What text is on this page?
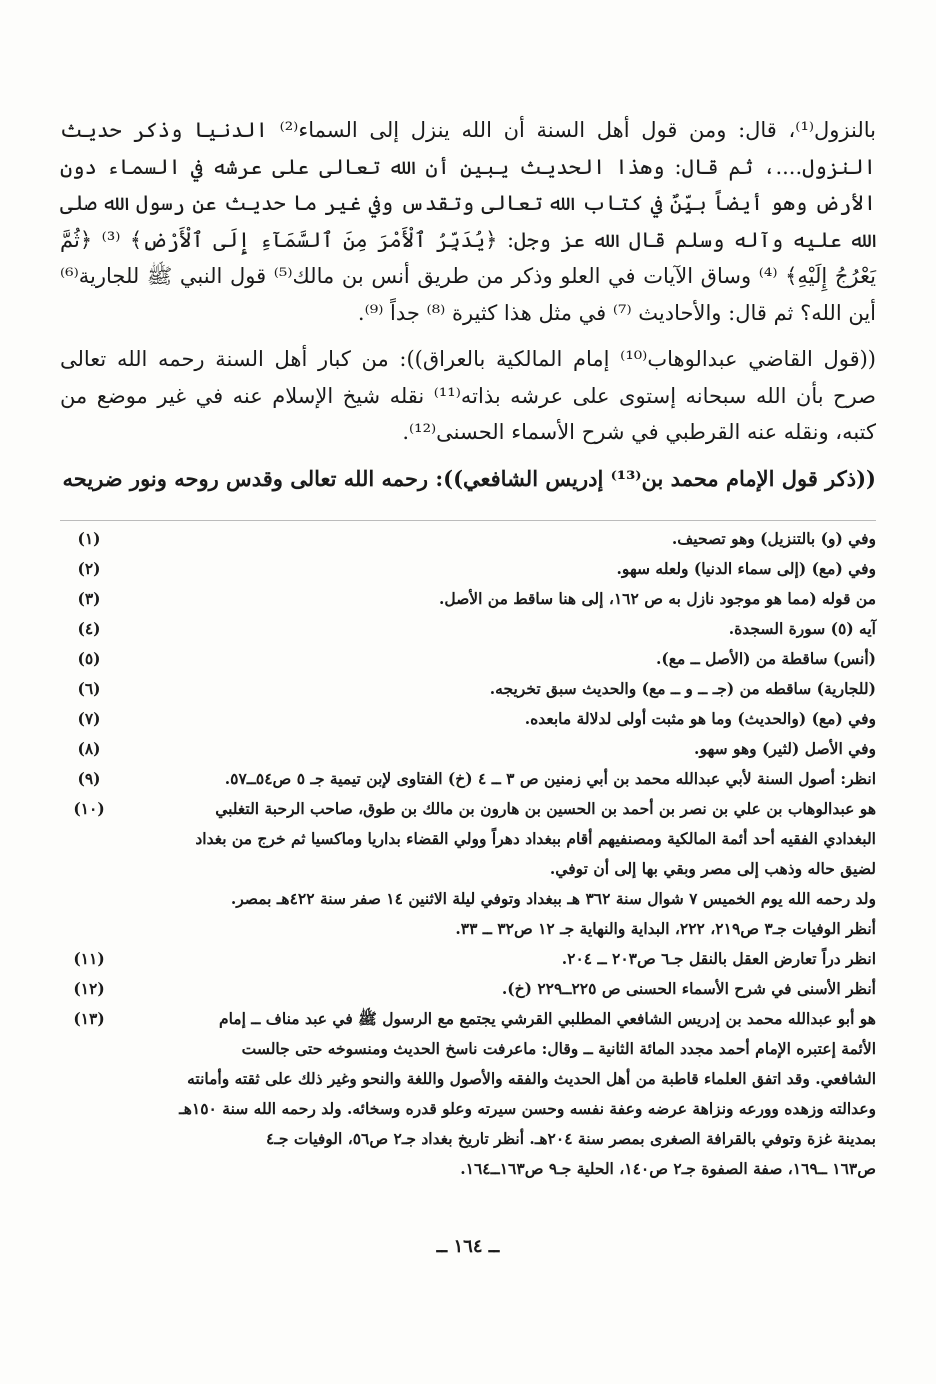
بالنزول⁽¹⁾، قال: ومن قول أهل السنة أن الله ينزل إلى السماء⁽²⁾ الدنيا وذكر حديث النزول....، ثم قال: وهذا الحديث يبين أن الله تعالى على عرشه في السماء دون الأرض وهو أيضاً بيِّنٌ في كتاب الله تعالى وتقدس وفي غير ما حديث عن رسول الله صلى الله عليه وآله وسلم قال الله عز وجل: ﴿يُدَبِّرُ ٱلْأَمْرَ مِنَ ٱلسَّمَآءِ إِلَى ٱلْأَرْضِ﴾ ⁽³⁾ ﴿ثُمَّ يَعْرُجُ إِلَيْهِ﴾ ⁽⁴⁾ وساق الآيات في العلو وذكر من طريق أنس بن مالك⁽⁵⁾ قول النبي ﷺ للجارية⁽⁶⁾ أين الله؟ ثم قال: والأحاديث ⁽⁷⁾ في مثل هذا كثيرة ⁽⁸⁾ جداً ⁽⁹⁾.

((قول القاضي عبدالوهاب⁽¹⁰⁾ إمام المالكية بالعراق)): من كبار أهل السنة رحمه الله تعالى صرح بأن الله سبحانه إستوى على عرشه بذاته⁽¹¹⁾ نقله شيخ الإسلام عنه في غير موضع من كتبه، ونقله عنه القرطبي في شرح الأسماء الحسنى⁽¹²⁾.

((ذكر قول الإمام محمد بن⁽¹³⁾ إدريس الشافعي)): رحمه الله تعالى وقدس روحه ونور ضريحه

(١)	وفي (و) بالتنزيل) وهو تصحيف.
(٢)	وفي (مع) (إلى سماء الدنيا) ولعله سهو.
(٣)	من قوله (مما هو موجود نازل به ص ١٦٢، إلى هنا ساقط من الأصل.
(٤)	آيه (٥) سورة السجدة.
(٥)	(أنس) ساقطة من (الأصل ــ مع).
(٦)	(للجارية) ساقطه من (جـ ــ و ــ مع) والحديث سبق تخريجه.
(٧)	وفي (مع) (والحديث) وما هو مثبت أولى لدلالة مابعده.
(٨)	وفي الأصل (لثير) وهو سهو.
(٩)	انظر: أصول السنة لأبي عبدالله محمد بن أبي زمنين ص ٣ ــ ٤ (خ) الفتاوى لإبن تيمية جـ ٥ ص٥٤ــ٥٧.
(١٠)	هو عبدالوهاب بن علي بن نصر بن أحمد بن الحسين بن هارون بن مالك بن طوق، صاحب الرحبة التغلبي
البغدادي الفقيه أحد أئمة المالكية ومصنفيهم أقام ببغداد دهراً وولي القضاء بداريا وماكسيا ثم خرج من بغداد
لضيق حاله وذهب إلى مصر وبقي بها إلى أن توفي.
ولد رحمه الله يوم الخميس ٧ شوال سنة ٣٦٢ هـ ببغداد وتوفي ليلة الاثنين ١٤ صفر سنة ٤٢٢هـ بمصر.
أنظر الوفيات جـ٣ ص٢١٩، ٢٢٢، البداية والنهاية جـ ١٢ ص٣٢ ــ ٣٣.
(١١)	انظر دراً تعارض العقل بالنقل جـ٦ ص٢٠٣ ــ ٢٠٤.
(١٢)	أنظر الأسنى في شرح الأسماء الحسنى ص ٢٢٥ــ٢٢٩ (خ).
(١٣)	هو أبو عبدالله محمد بن إدريس الشافعي المطلبي القرشي يجتمع مع الرسول ﷺ في عبد مناف ــ إمام
الأئمة إعتبره الإمام أحمد مجدد المائة الثانية ــ وقال: ماعرفت ناسخ الحديث ومنسوخه حتى جالست
الشافعي. وقد اتفق العلماء قاطبة من أهل الحديث والفقه والأصول واللغة والنحو وغير ذلك على ثقته وأمانته
وعدالته وزهده وورعه ونزاهة عرضه وعفة نفسه وحسن سيرته وعلو قدره وسخائه. ولد رحمه الله سنة ١٥٠هـ
بمدينة غزة وتوفي بالقرافة الصغرى بمصر سنة ٢٠٤هـ. أنظر تاريخ بغداد جـ٢ ص٥٦، الوفيات جـ٤
ص١٦٣ ــ١٦٩، صفة الصفوة جـ٢ ص١٤٠، الحلية جـ٩ ص١٦٣ــ١٦٤.
ــ ١٦٤ ــ
